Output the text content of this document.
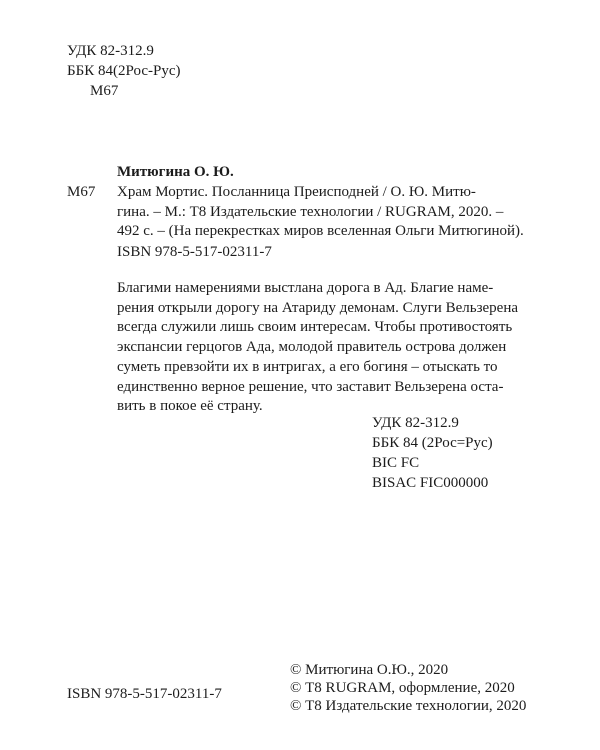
УДК 82-312.9
ББК 84(2Рос-Рус)
М67
Митюгина О. Ю.
М67 Храм Мортис. Посланница Преисподней / О. Ю. Митю-
гина. – М.: Т8 Издательские технологии / RUGRAM, 2020. –
492 с. – (На перекрестках миров вселенная Ольги Митюгиной).
ISBN 978-5-517-02311-7
Благими намерениями выстлана дорога в Ад. Благие наме-
рения открыли дорогу на Атариду демонам. Слуги Вельзерена
всегда служили лишь своим интересам. Чтобы противостоять
экспансии герцогов Ада, молодой правитель острова должен
суметь превзойти их в интригах, а его богиня – отыскать то
единственно верное решение, что заставит Вельзерена оста-
вить в покое её страну.
УДК 82-312.9
ББК 84 (2Рос=Рус)
BIC FC
BISAC FIC000000
ISBN 978-5-517-02311-7
© Митюгина О.Ю., 2020
© Т8 RUGRAM, оформление, 2020
© Т8 Издательские технологии, 2020
